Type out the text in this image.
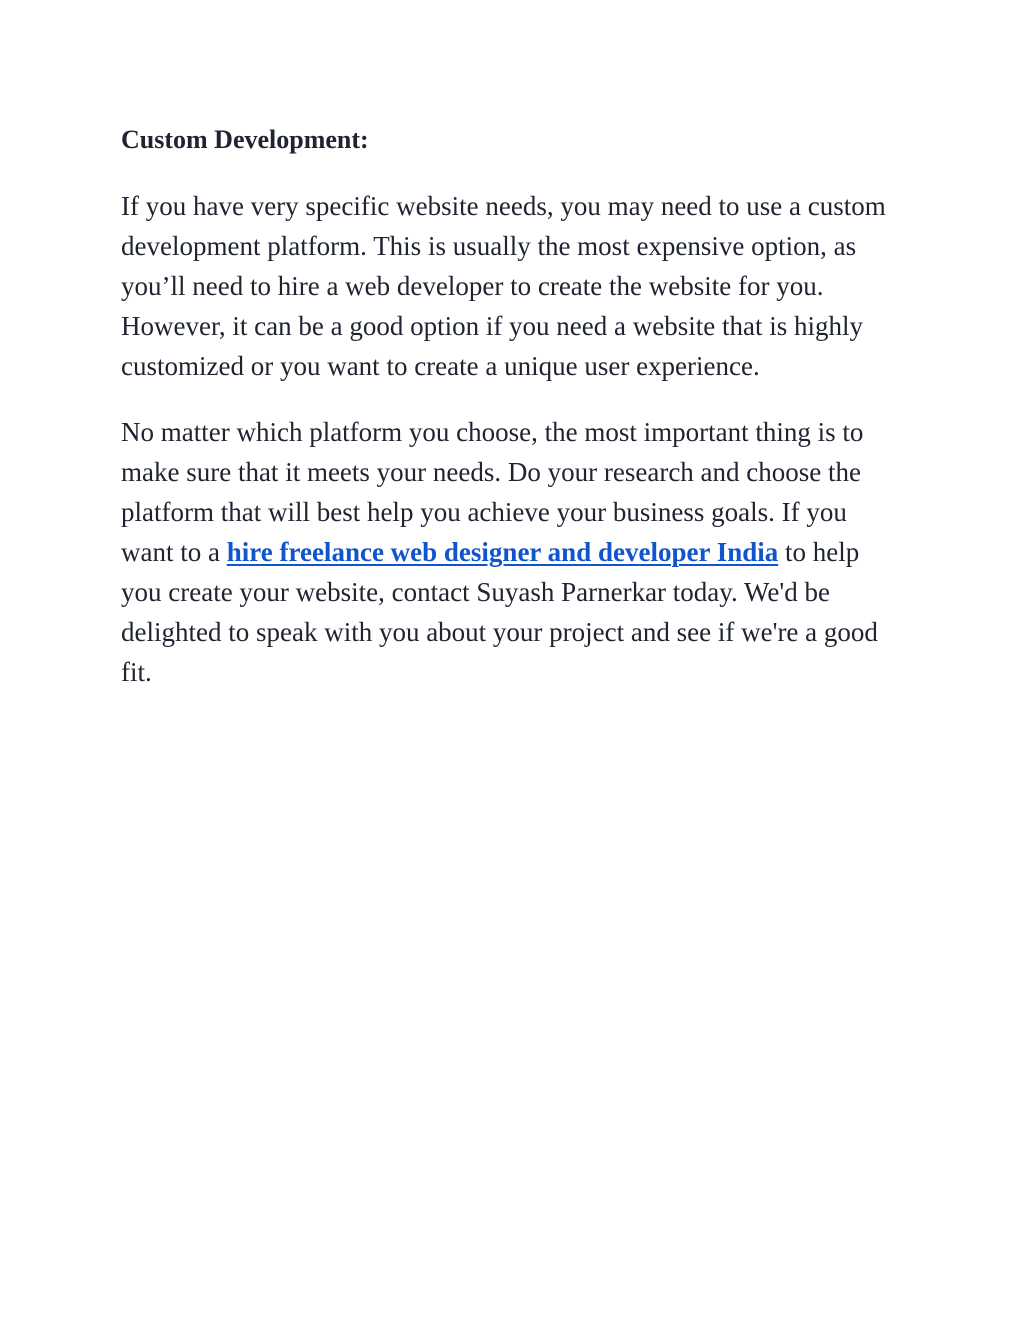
Custom Development:

If you have very specific website needs, you may need to use a custom development platform. This is usually the most expensive option, as you’ll need to hire a web developer to create the website for you. However, it can be a good option if you need a website that is highly customized or you want to create a unique user experience.

No matter which platform you choose, the most important thing is to make sure that it meets your needs. Do your research and choose the platform that will best help you achieve your business goals. If you want to a hire freelance web designer and developer India to help you create your website, contact Suyash Parnerkar today. We'd be delighted to speak with you about your project and see if we're a good fit.
